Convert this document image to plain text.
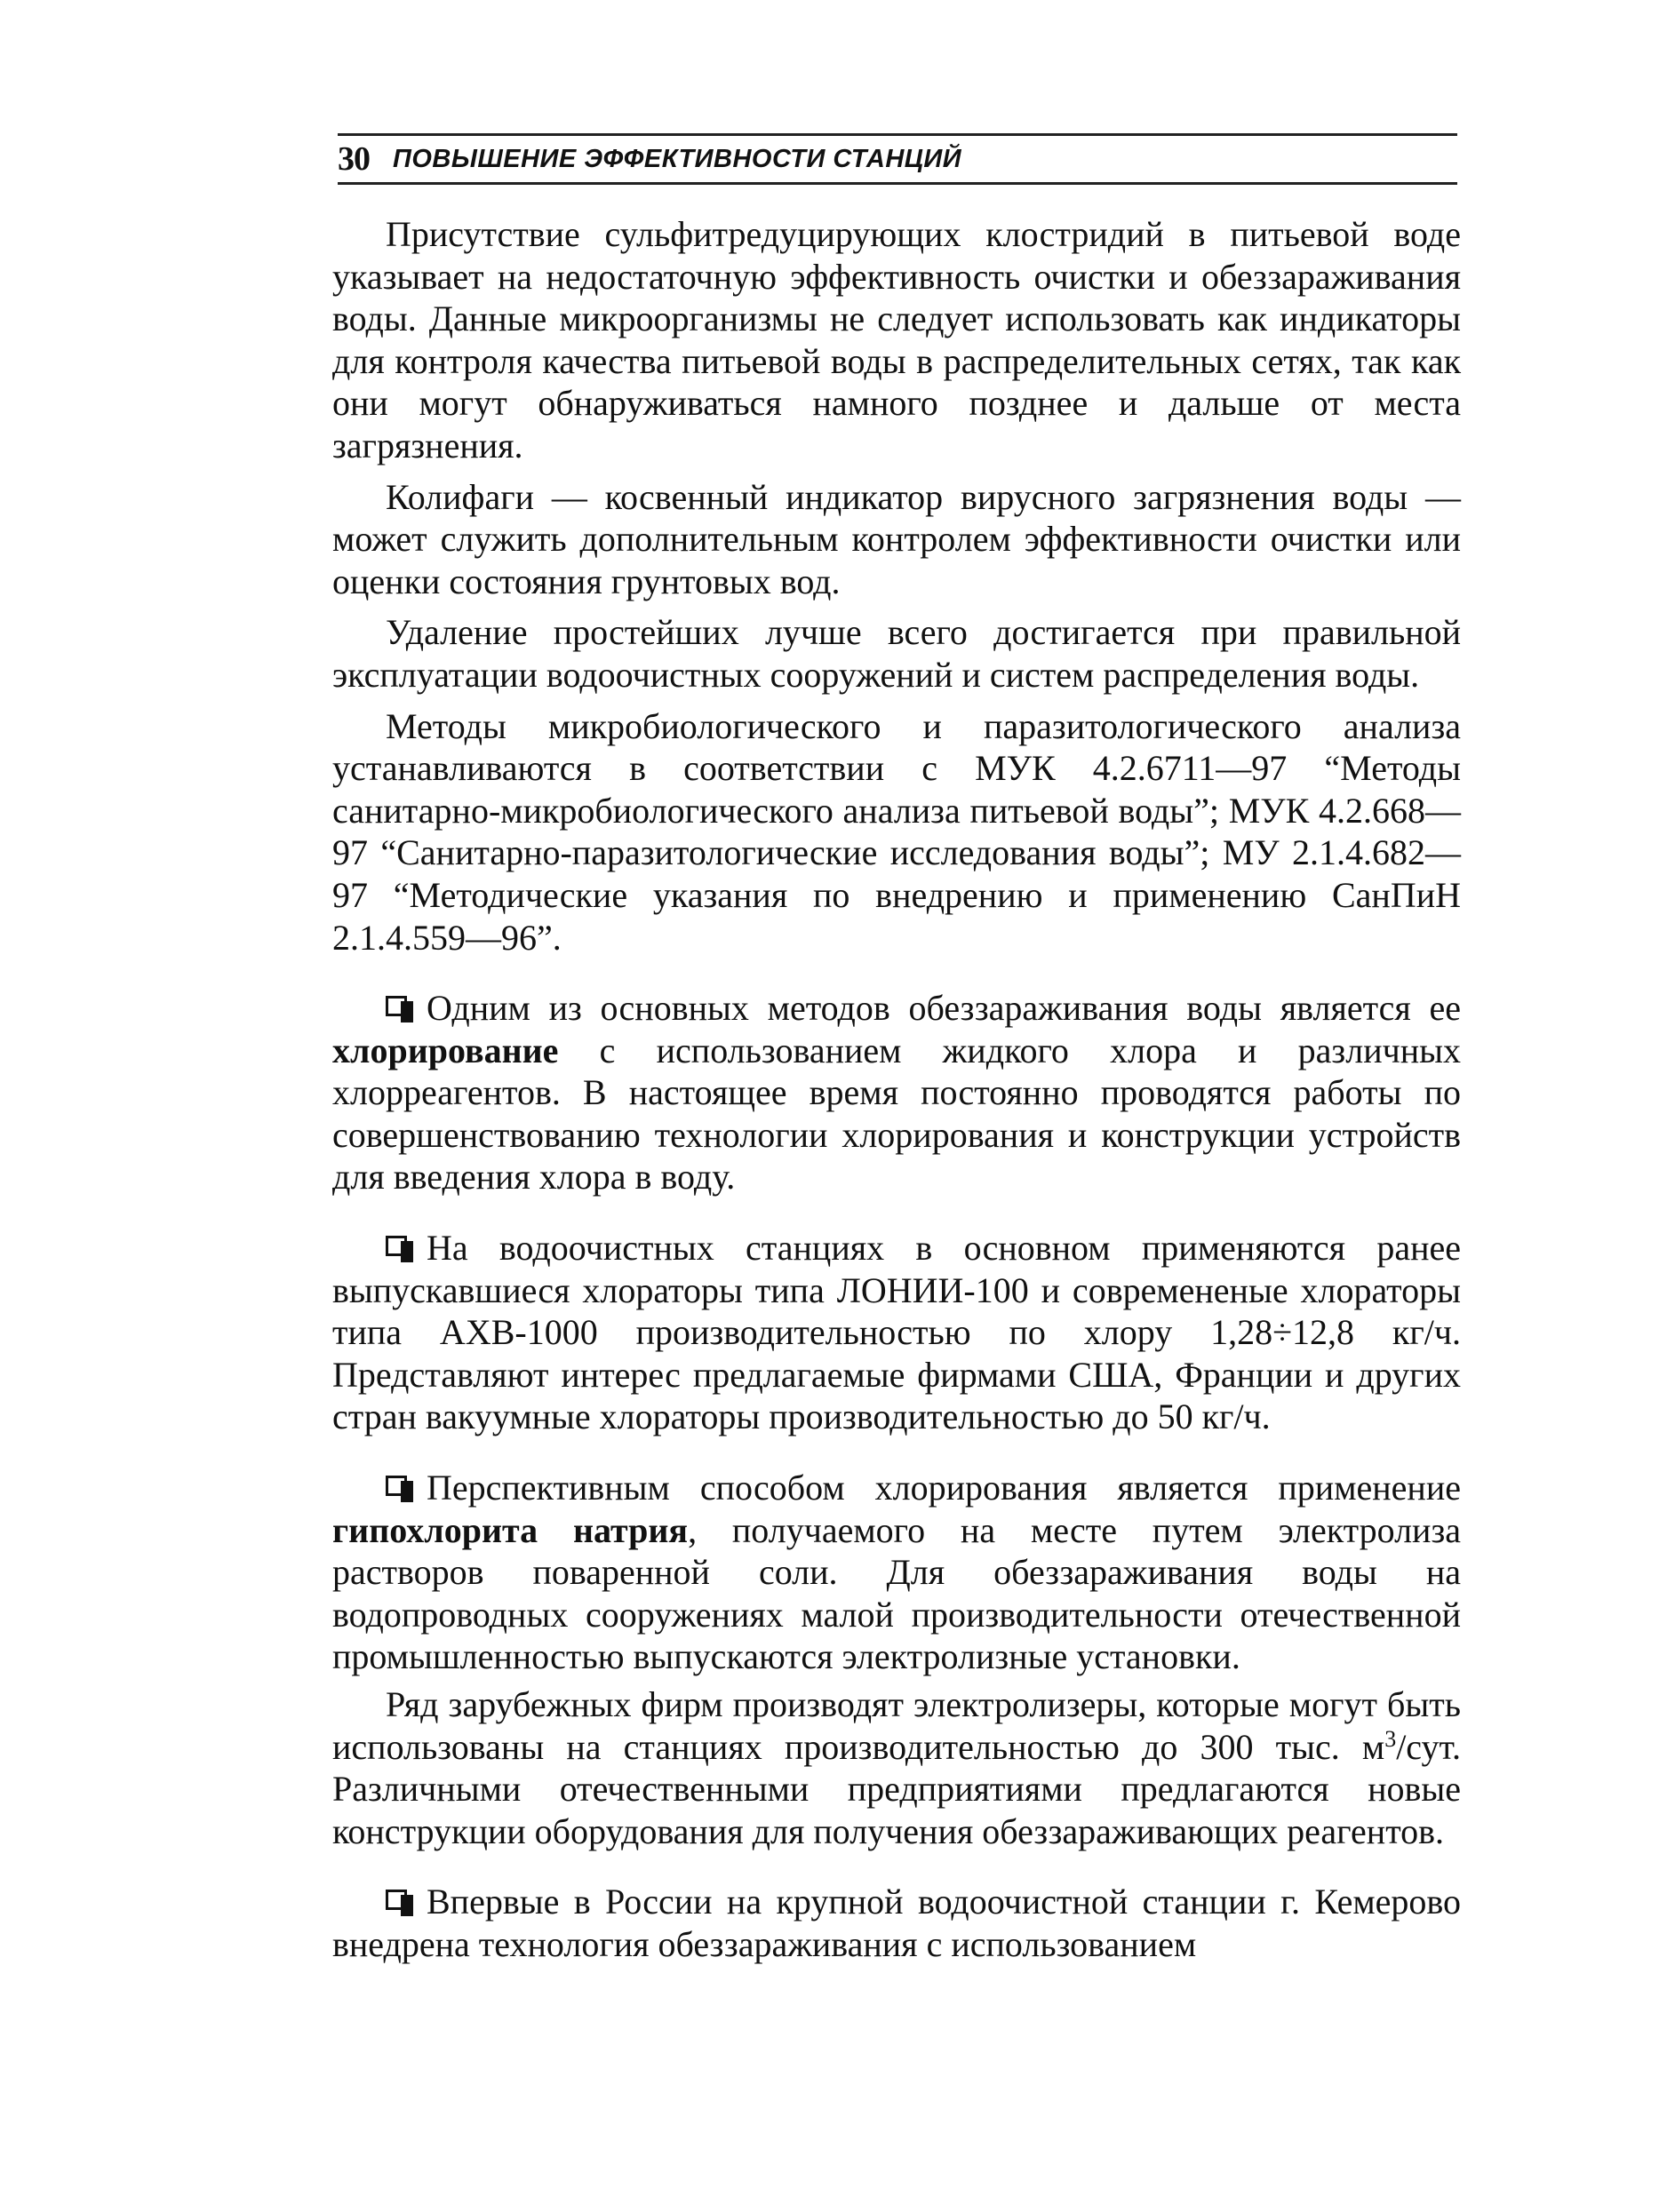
30 ПОВЫШЕНИЕ ЭФФЕКТИВНОСТИ СТАНЦИЙ

Присутствие сульфитредуцирующих клостридий в питьевой воде указывает на недостаточную эффективность очистки и обеззараживания воды. Данные микроорганизмы не следует использовать как индикаторы для контроля качества питьевой воды в распределительных сетях, так как они могут обнаруживаться намного позднее и дальше от места загрязнения.

Колифаги — косвенный индикатор вирусного загрязнения воды — может служить дополнительным контролем эффективности очистки или оценки состояния грунтовых вод.

Удаление простейших лучше всего достигается при правильной эксплуатации водоочистных сооружений и систем распределения воды.

Методы микробиологического и паразитологического анализа устанавливаются в соответствии с МУК 4.2.6711—97 “Методы санитарно-микробиологического анализа питьевой воды”; МУК 4.2.668—97 “Санитарно-паразитологические исследования воды”; МУ 2.1.4.682—97 “Методические указания по внедрению и применению СанПиН 2.1.4.559—96”.

Одним из основных методов обеззараживания воды является ее хлорирование с использованием жидкого хлора и различных хлорреагентов. В настоящее время постоянно проводятся работы по совершенствованию технологии хлорирования и конструкции устройств для введения хлора в воду.

На водоочистных станциях в основном применяются ранее выпускавшиеся хлораторы типа ЛОНИИ-100 и современеные хлораторы типа АХВ-1000 производительностью по хлору 1,28÷12,8 кг/ч. Представляют интерес предлагаемые фирмами США, Франции и других стран вакуумные хлораторы производительностью до 50 кг/ч.

Перспективным способом хлорирования является применение гипохлорита натрия, получаемого на месте путем электролиза растворов поваренной соли. Для обеззараживания воды на водопроводных сооружениях малой производительности отечественной промышленностью выпускаются электролизные установки.

Ряд зарубежных фирм производят электролизеры, которые могут быть использованы на станциях производительностью до 300 тыс. $м^3$/сут. Различными отечественными предприятиями предлагаются новые конструкции оборудования для получения обеззараживающих реагентов.

Впервые в России на крупной водоочистной станции г. Кемерово внедрена технология обеззараживания с использованием
